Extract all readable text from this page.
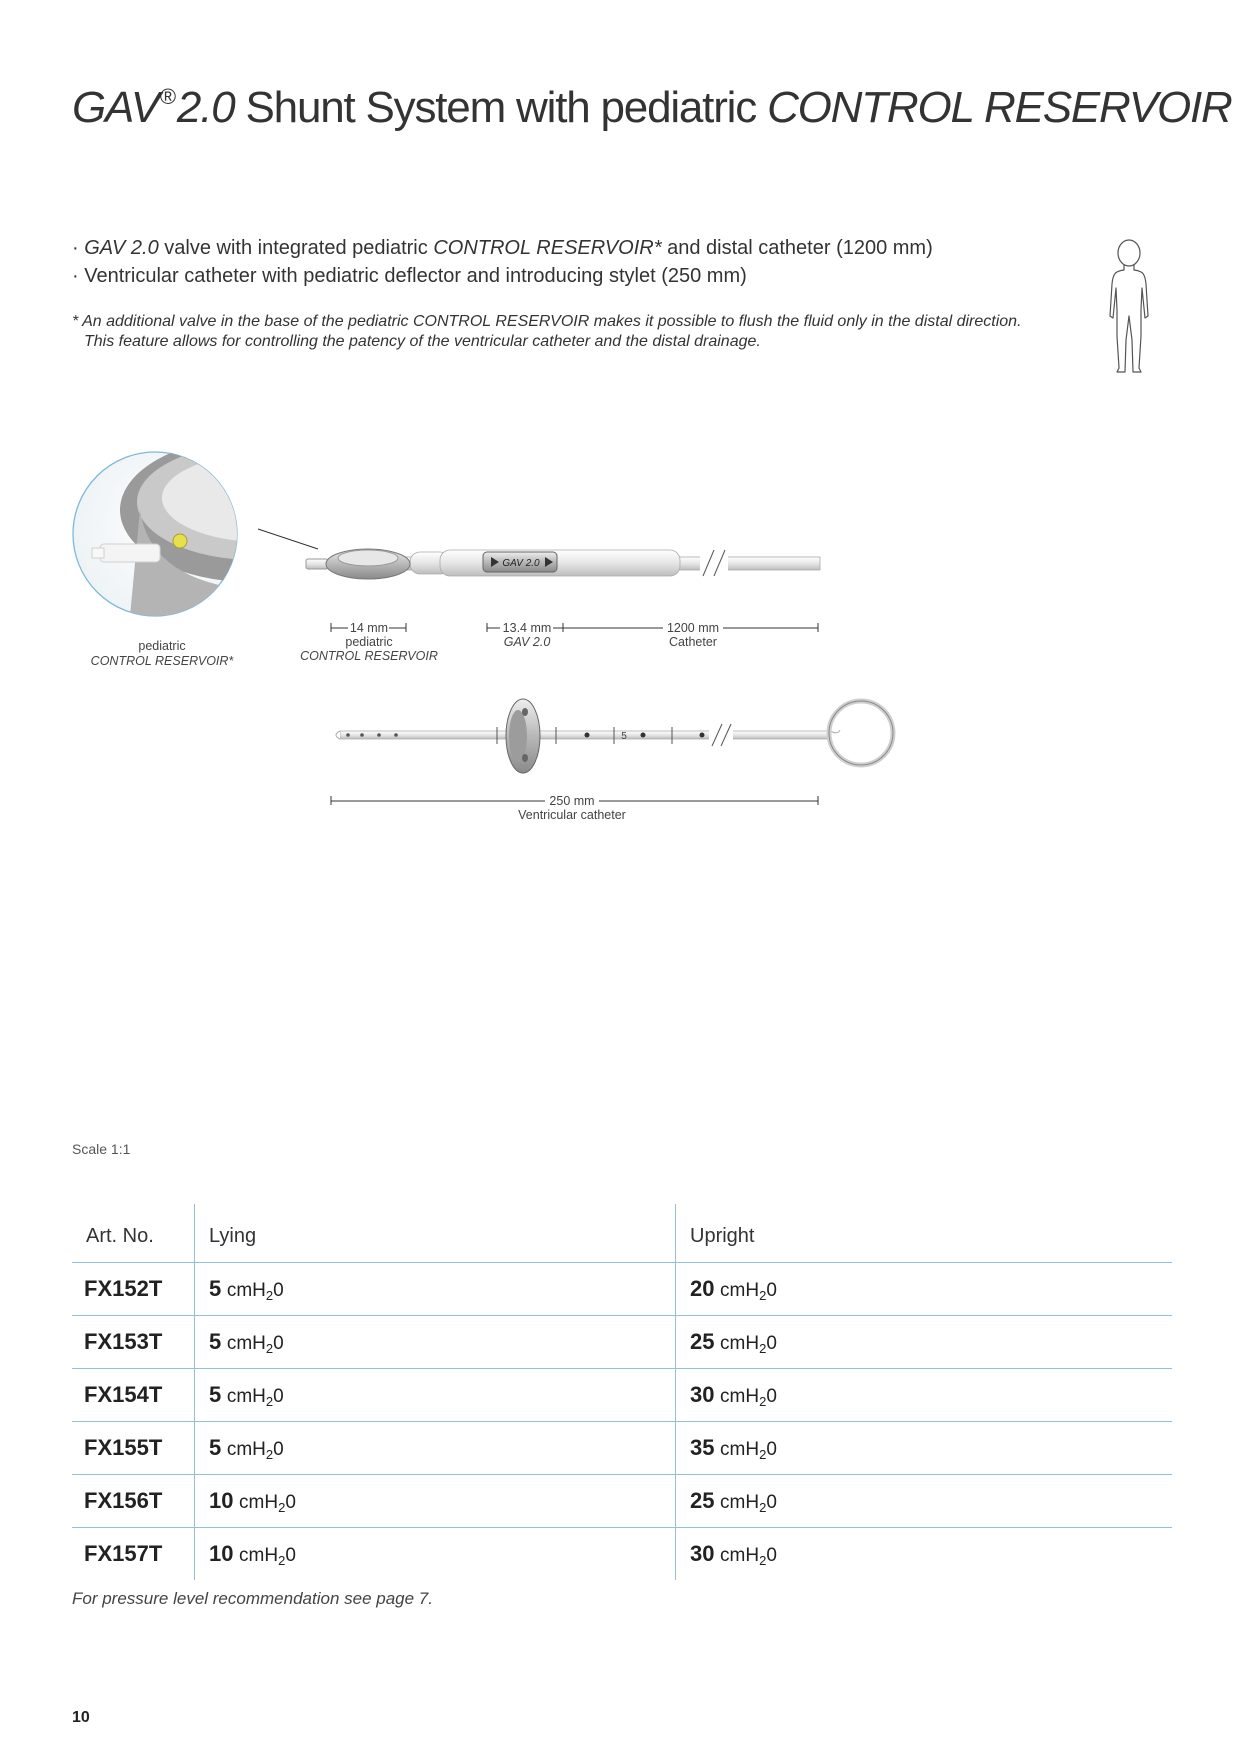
GAV®2.0 Shunt System with pediatric CONTROL RESERVOIR
· GAV 2.0 valve with integrated pediatric CONTROL RESERVOIR* and distal catheter (1200 mm)
· Ventricular catheter with pediatric deflector and introducing stylet (250 mm)
* An additional valve in the base of the pediatric CONTROL RESERVOIR makes it possible to flush the fluid only in the distal direction.
This feature allows for controlling the patency of the ventricular catheter and the distal drainage.
GAV 2.0
pediatric
CONTROL RESERVOIR*
14 mm
pediatric
CONTROL RESERVOIR
13.4 mm
GAV 2.0
1200 mm
Catheter
5
250 mm
Ventricular catheter
Scale 1:1
Art. No.	Lying	Upright
FX152T	5 cmH$_2$0	20 cmH$_2$0
FX153T	5 cmH$_2$0	25 cmH$_2$0
FX154T	5 cmH$_2$0	30 cmH$_2$0
FX155T	5 cmH$_2$0	35 cmH$_2$0
FX156T	10 cmH$_2$0	25 cmH$_2$0
FX157T	10 cmH$_2$0	30 cmH$_2$0
For pressure level recommendation see page 7.
10
